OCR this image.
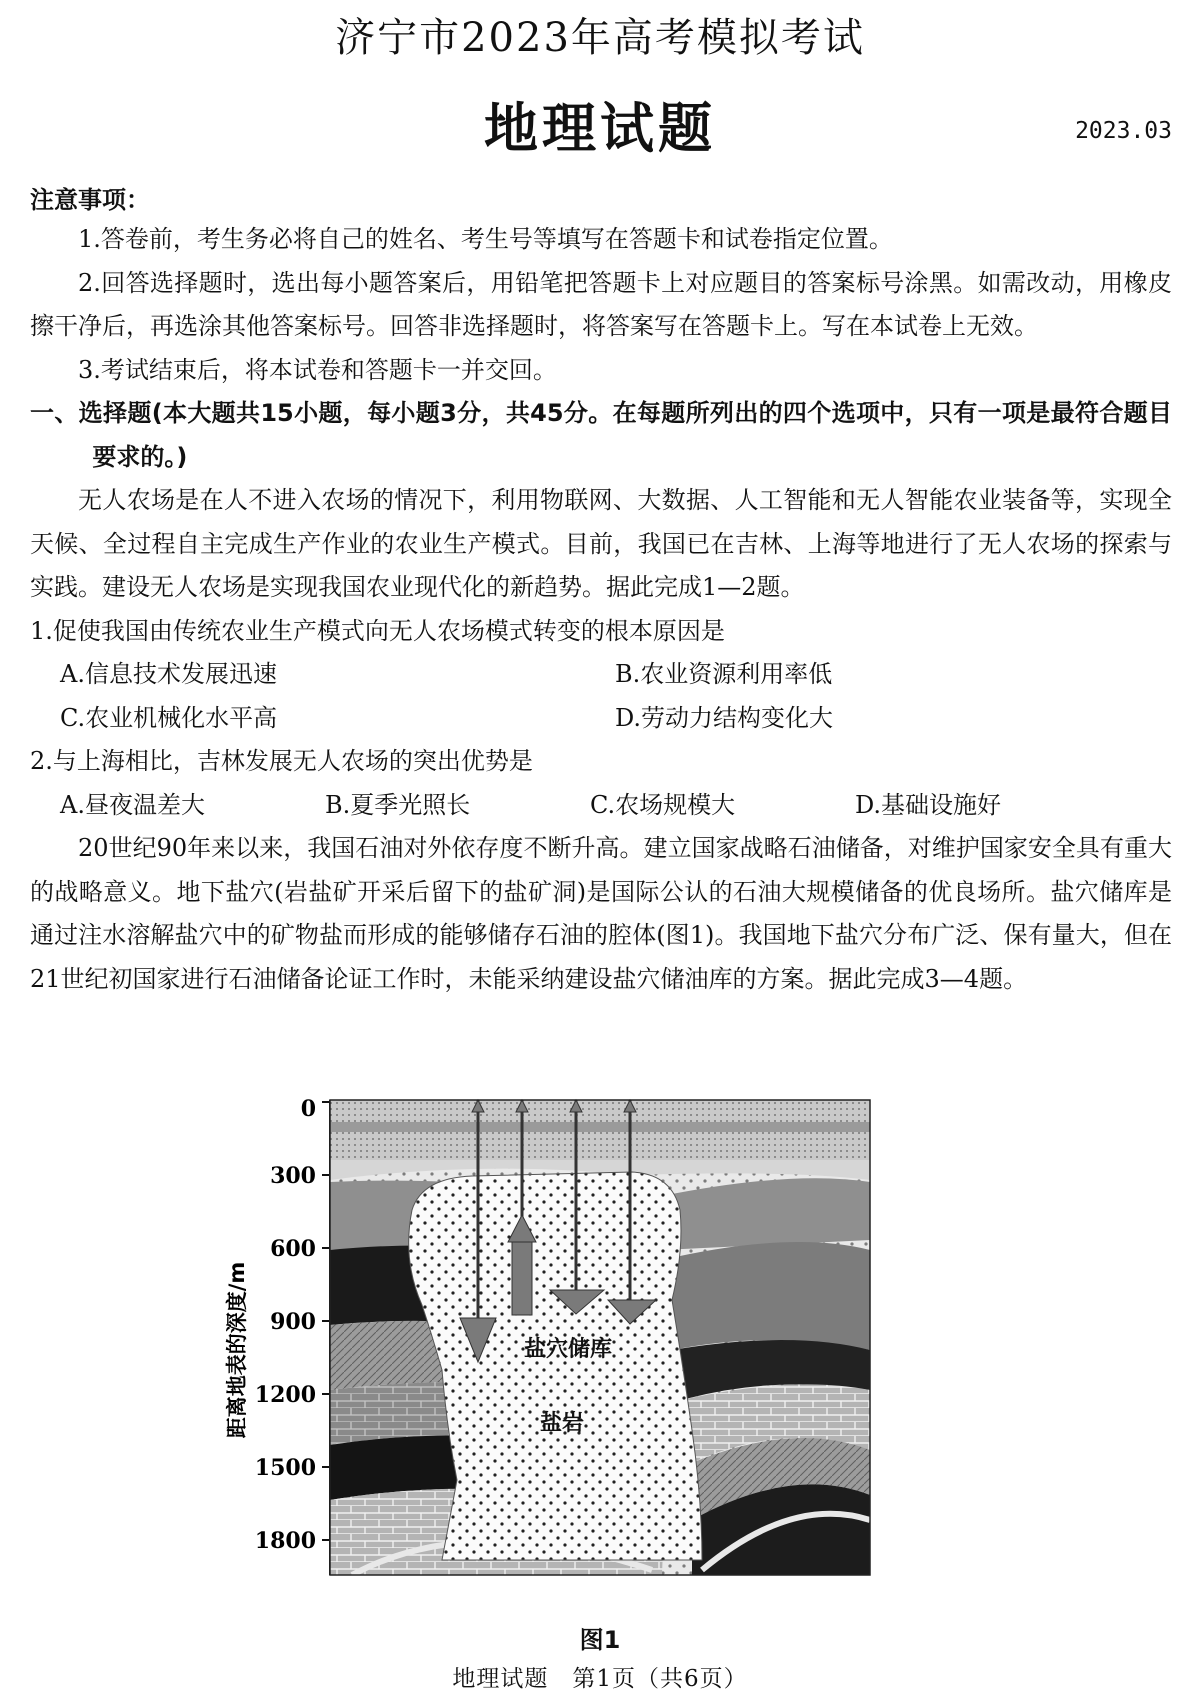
济宁市2023年高考模拟考试
地理试题	2023.03
注意事项：

1.答卷前，考生务必将自己的姓名、考生号等填写在答题卡和试卷指定位置。

2.回答选择题时，选出每小题答案后，用铅笔把答题卡上对应题目的答案标号涂黑。如需改动，用橡皮擦干净后，再选涂其他答案标号。回答非选择题时，将答案写在答题卡上。写在本试卷上无效。

3.考试结束后，将本试卷和答题卡一并交回。

一、选择题(本大题共15小题，每小题3分，共45分。在每题所列出的四个选项中，只有一项是最符合题目要求的。)

无人农场是在人不进入农场的情况下，利用物联网、大数据、人工智能和无人智能农业装备等，实现全天候、全过程自主完成生产作业的农业生产模式。目前，我国已在吉林、上海等地进行了无人农场的探索与实践。建设无人农场是实现我国农业现代化的新趋势。据此完成1—2题。

1.促使我国由传统农业生产模式向无人农场模式转变的根本原因是

A.信息技术发展迅速	B.农业资源利用率低
C.农业机械化水平高	D.劳动力结构变化大

2.与上海相比，吉林发展无人农场的突出优势是

A.昼夜温差大	B.夏季光照长	C.农场规模大	D.基础设施好

20世纪90年来以来，我国石油对外依存度不断升高。建立国家战略石油储备，对维护国家安全具有重大的战略意义。地下盐穴(岩盐矿开采后留下的盐矿洞)是国际公认的石油大规模储备的优良场所。盐穴储库是通过注水溶解盐穴中的矿物盐而形成的能够储存石油的腔体(图1)。我国地下盐穴分布广泛、保有量大，但在21世纪初国家进行石油储备论证工作时，未能采纳建设盐穴储油库的方案。据此完成3—4题。

0
300
600
900
1200
1500
1800
距离地表的深度/m	盐穴储库
盐岩
图1
地理试题　第1页（共6页）
